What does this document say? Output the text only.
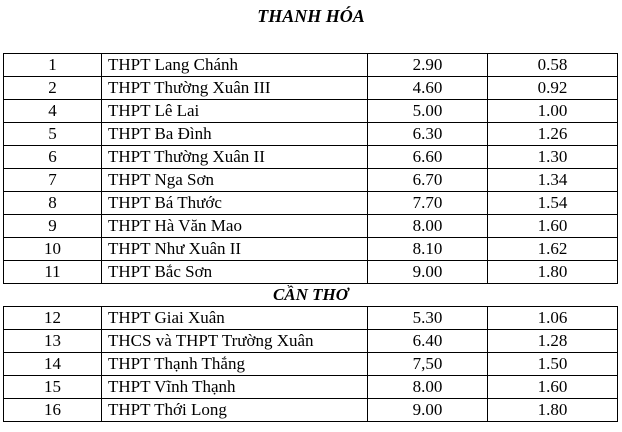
THANH HÓA
1	THPT Lang Chánh	2.90	0.58
2	THPT Thường Xuân III	4.60	0.92
4	THPT Lê Lai	5.00	1.00
5	THPT Ba Đình	6.30	1.26
6	THPT Thường Xuân II	6.60	1.30
7	THPT Nga Sơn	6.70	1.34
8	THPT Bá Thước	7.70	1.54
9	THPT Hà Văn Mao	8.00	1.60
10	THPT Như Xuân II	8.10	1.62
11	THPT Bắc Sơn	9.00	1.80
CẦN THƠ			
12	THPT Giai Xuân	5.30	1.06
13	THCS và THPT Trường Xuân	6.40	1.28
14	THPT Thạnh Thắng	7,50	1.50
15	THPT Vĩnh Thạnh	8.00	1.60
16	THPT Thới Long	9.00	1.80
